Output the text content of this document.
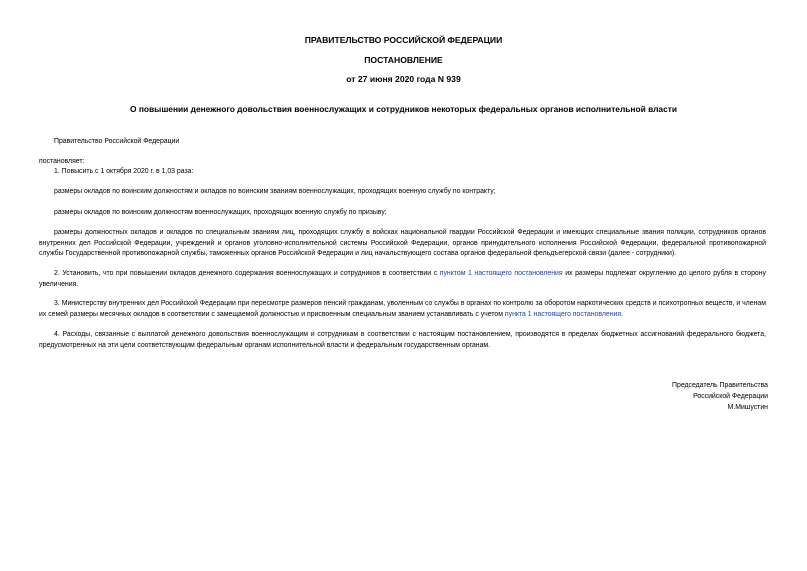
ПРАВИТЕЛЬСТВО РОССИЙСКОЙ ФЕДЕРАЦИИ
ПОСТАНОВЛЕНИЕ
от 27 июня 2020 года N 939
О повышении денежного довольствия военнослужащих и сотрудников некоторых федеральных органов исполнительной власти
Правительство Российской Федерации
постановляет:
1. Повысить с 1 октября 2020 г. в 1,03 раза:
размеры окладов по воинским должностям и окладов по воинским званиям военнослужащих, проходящих военную службу по контракту;
размеры окладов по воинским должностям военнослужащих, проходящих военную службу по призыву;
размеры должностных окладов и окладов по специальным званиям лиц, проходящих службу в войсках национальной гвардии Российской Федерации и имеющих специальные звания полиции, сотрудников органов внутренних дел Российской Федерации, учреждений и органов уголовно-исполнительной системы Российской Федерации, органов принудительного исполнения Российской Федерации, федеральной противопожарной службы Государственной противопожарной службы, таможенных органов Российской Федерации и лиц начальствующего состава органов федеральной фельдъегерской связи (далее - сотрудники).
2. Установить, что при повышении окладов денежного содержания военнослужащих и сотрудников в соответствии с пунктом 1 настоящего постановления их размеры подлежат округлению до целого рубля в сторону увеличения.
3. Министерству внутренних дел Российской Федерации при пересмотре размеров пенсий гражданам, уволенным со службы в органах по контролю за оборотом наркотических средств и психотропных веществ, и членам их семей размеры месячных окладов в соответствии с замещаемой должностью и присвоенным специальным званием устанавливать с учетом пункта 1 настоящего постановления.
4. Расходы, связанные с выплатой денежного довольствия военнослужащим и сотрудникам в соответствии с настоящим постановлением, производятся в пределах бюджетных ассигнований федерального бюджета, предусмотренных на эти цели соответствующим федеральным органам исполнительной власти и федеральным государственным органам.
Председатель Правительства
Российской Федерации
М.Мишустин
